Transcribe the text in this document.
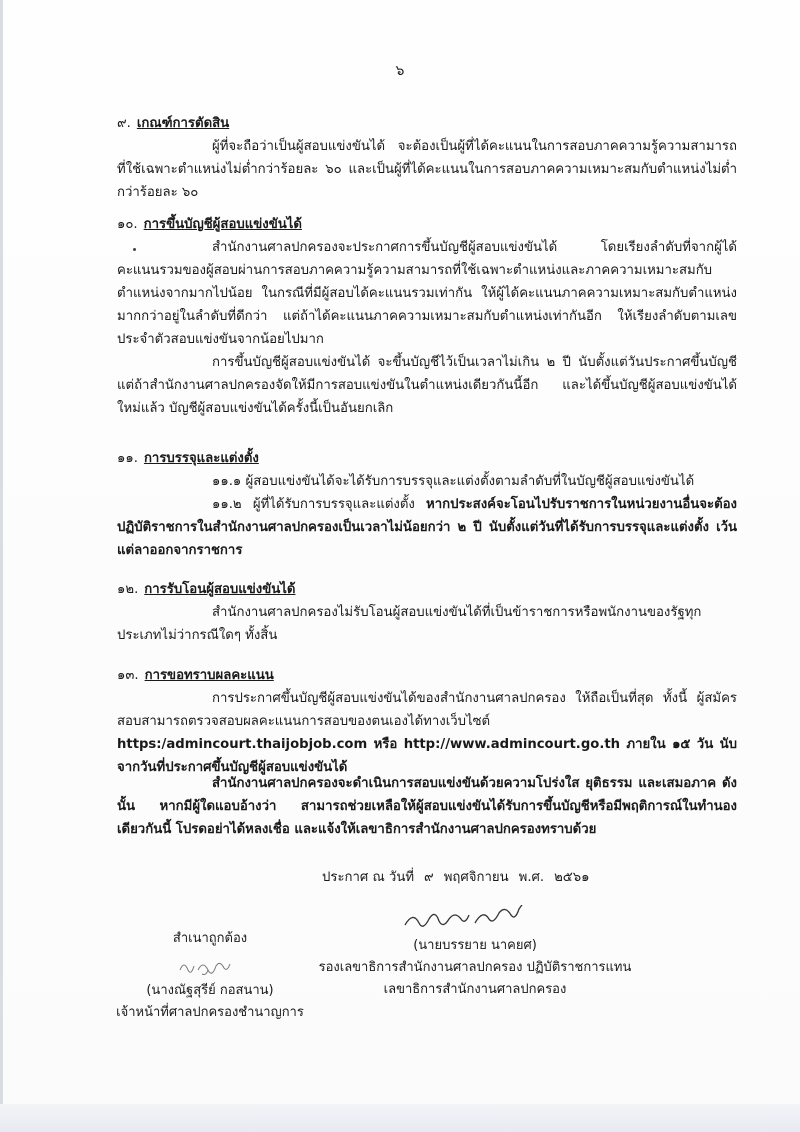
๖
๙. เกณฑ์การตัดสิน
ผู้ที่จะถือว่าเป็นผู้สอบแข่งขันได้ จะต้องเป็นผู้ที่ได้คะแนนในการสอบภาคความรู้ความสามารถที่ใช้เฉพาะตำแหน่งไม่ต่ำกว่าร้อยละ ๖๐ และเป็นผู้ที่ได้คะแนนในการสอบภาคความเหมาะสมกับตำแหน่งไม่ต่ำกว่าร้อยละ ๖๐
๑๐. การขึ้นบัญชีผู้สอบแข่งขันได้
สำนักงานศาลปกครองจะประกาศการขึ้นบัญชีผู้สอบแข่งขันได้ โดยเรียงลำดับที่จากผู้ได้คะแนนรวมของผู้สอบผ่านการสอบภาคความรู้ความสามารถที่ใช้เฉพาะตำแหน่งและภาคความเหมาะสมกับตำแหน่งจากมากไปน้อย ในกรณีที่มีผู้สอบได้คะแนนรวมเท่ากัน ให้ผู้ได้คะแนนภาคความเหมาะสมกับตำแหน่งมากกว่าอยู่ในลำดับที่ดีกว่า แต่ถ้าได้คะแนนภาคความเหมาะสมกับตำแหน่งเท่ากันอีก ให้เรียงลำดับตามเลขประจำตัวสอบแข่งขันจากน้อยไปมาก
การขึ้นบัญชีผู้สอบแข่งขันได้ จะขึ้นบัญชีไว้เป็นเวลาไม่เกิน ๒ ปี นับตั้งแต่วันประกาศขึ้นบัญชี แต่ถ้าสำนักงานศาลปกครองจัดให้มีการสอบแข่งขันในตำแหน่งเดียวกันนี้อีก และได้ขึ้นบัญชีผู้สอบแข่งขันได้ใหม่แล้ว บัญชีผู้สอบแข่งขันได้ครั้งนี้เป็นอันยกเลิก
๑๑. การบรรจุและแต่งตั้ง
๑๑.๑ ผู้สอบแข่งขันได้จะได้รับการบรรจุและแต่งตั้งตามลำดับที่ในบัญชีผู้สอบแข่งขันได้
๑๑.๒ ผู้ที่ได้รับการบรรจุและแต่งตั้ง หากประสงค์จะโอนไปรับราชการในหน่วยงานอื่นจะต้องปฏิบัติราชการในสำนักงานศาลปกครองเป็นเวลาไม่น้อยกว่า ๒ ปี นับตั้งแต่วันที่ได้รับการบรรจุและแต่งตั้ง เว้นแต่ลาออกจากราชการ
๑๒. การรับโอนผู้สอบแข่งขันได้
สำนักงานศาลปกครองไม่รับโอนผู้สอบแข่งขันได้ที่เป็นข้าราชการหรือพนักงานของรัฐทุกประเภทไม่ว่ากรณีใดๆ ทั้งสิ้น
๑๓. การขอทราบผลคะแนน
การประกาศขึ้นบัญชีผู้สอบแข่งขันได้ของสำนักงานศาลปกครอง ให้ถือเป็นที่สุด ทั้งนี้ ผู้สมัครสอบสามารถตรวจสอบผลคะแนนการสอบของตนเองได้ทางเว็บไซต์ https:/admincourt.thaijobjob.com หรือ http://www.admincourt.go.th ภายใน ๑๕ วัน นับจากวันที่ประกาศขึ้นบัญชีผู้สอบแข่งขันได้
สำนักงานศาลปกครองจะดำเนินการสอบแข่งขันด้วยความโปร่งใส ยุติธรรม และเสมอภาค ดังนั้น หากมีผู้ใดแอบอ้างว่า สามารถช่วยเหลือให้ผู้สอบแข่งขันได้รับการขึ้นบัญชีหรือมีพฤติการณ์ในทำนองเดียวกันนี้ โปรดอย่าได้หลงเชื่อ และแจ้งให้เลขาธิการสำนักงานศาลปกครองทราบด้วย
ประกาศ ณ วันที่ ๙ พฤศจิกายน พ.ศ. ๒๕๖๑
(นายบรรยาย นาคยศ)
รองเลขาธิการสำนักงานศาลปกครอง ปฏิบัติราชการแทน
เลขาธิการสำนักงานศาลปกครอง
สำเนาถูกต้อง
(นางณัฐสุรีย์ กอสนาน)
เจ้าหน้าที่ศาลปกครองชำนาญการ
